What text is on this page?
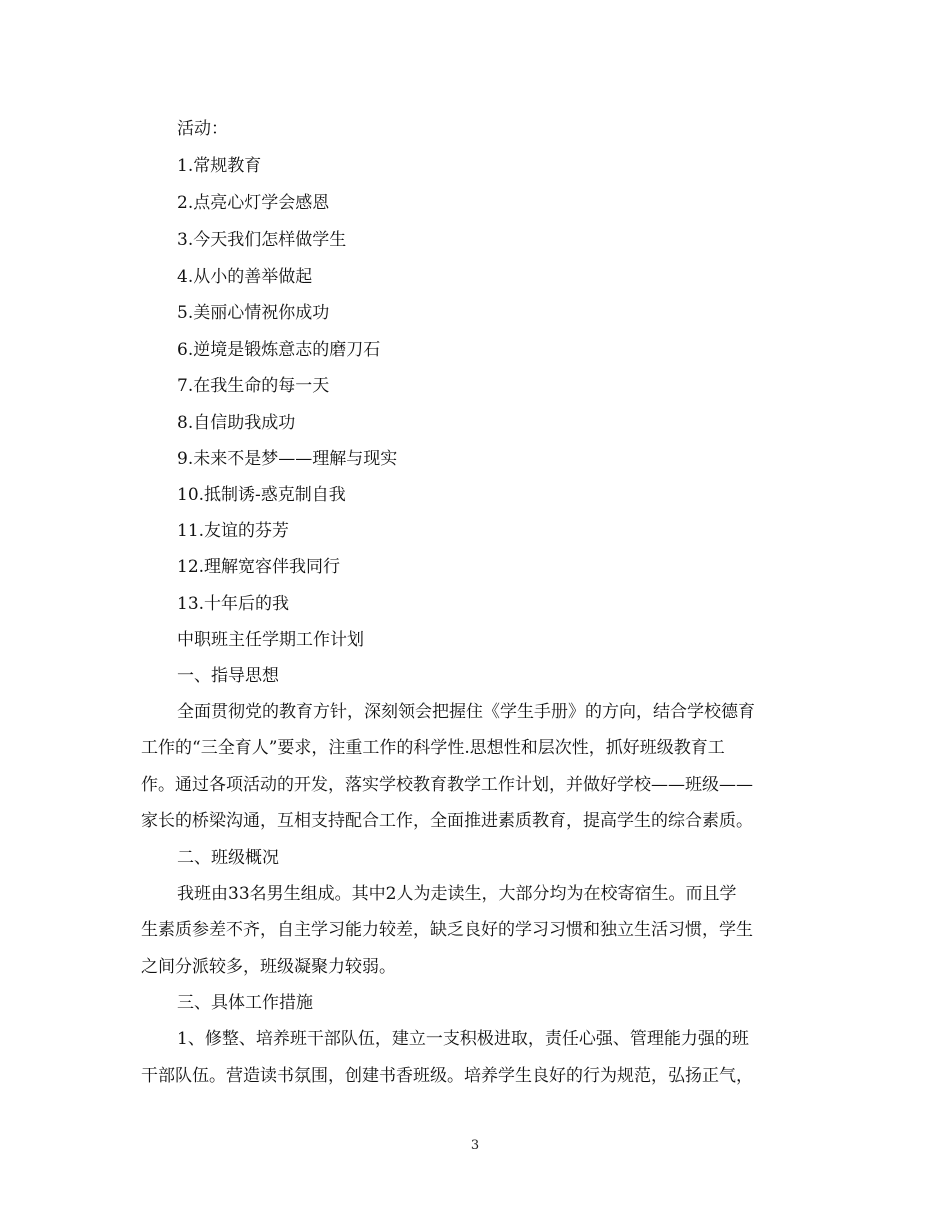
活动：
1.常规教育
2.点亮心灯学会感恩
3.今天我们怎样做学生
4.从小的善举做起
5.美丽心情祝你成功
6.逆境是锻炼意志的磨刀石
7.在我生命的每一天
8.自信助我成功
9.未来不是梦——理解与现实
10.抵制诱-惑克制自我
11.友谊的芬芳
12.理解宽容伴我同行
13.十年后的我
中职班主任学期工作计划
一、指导思想
全面贯彻党的教育方针，深刻领会把握住《学生手册》的方向，结合学校德育
工作的“三全育人”要求，注重工作的科学性.思想性和层次性，抓好班级教育工
作。通过各项活动的开发，落实学校教育教学工作计划，并做好学校——班级——
家长的桥梁沟通，互相支持配合工作，全面推进素质教育，提高学生的综合素质。
二、班级概况
我班由33名男生组成。其中2人为走读生，大部分均为在校寄宿生。而且学
生素质参差不齐，自主学习能力较差，缺乏良好的学习习惯和独立生活习惯，学生
之间分派较多，班级凝聚力较弱。
三、具体工作措施
1、修整、培养班干部队伍，建立一支积极进取，责任心强、管理能力强的班
干部队伍。营造读书氛围，创建书香班级。培养学生良好的行为规范，弘扬正气，
3
